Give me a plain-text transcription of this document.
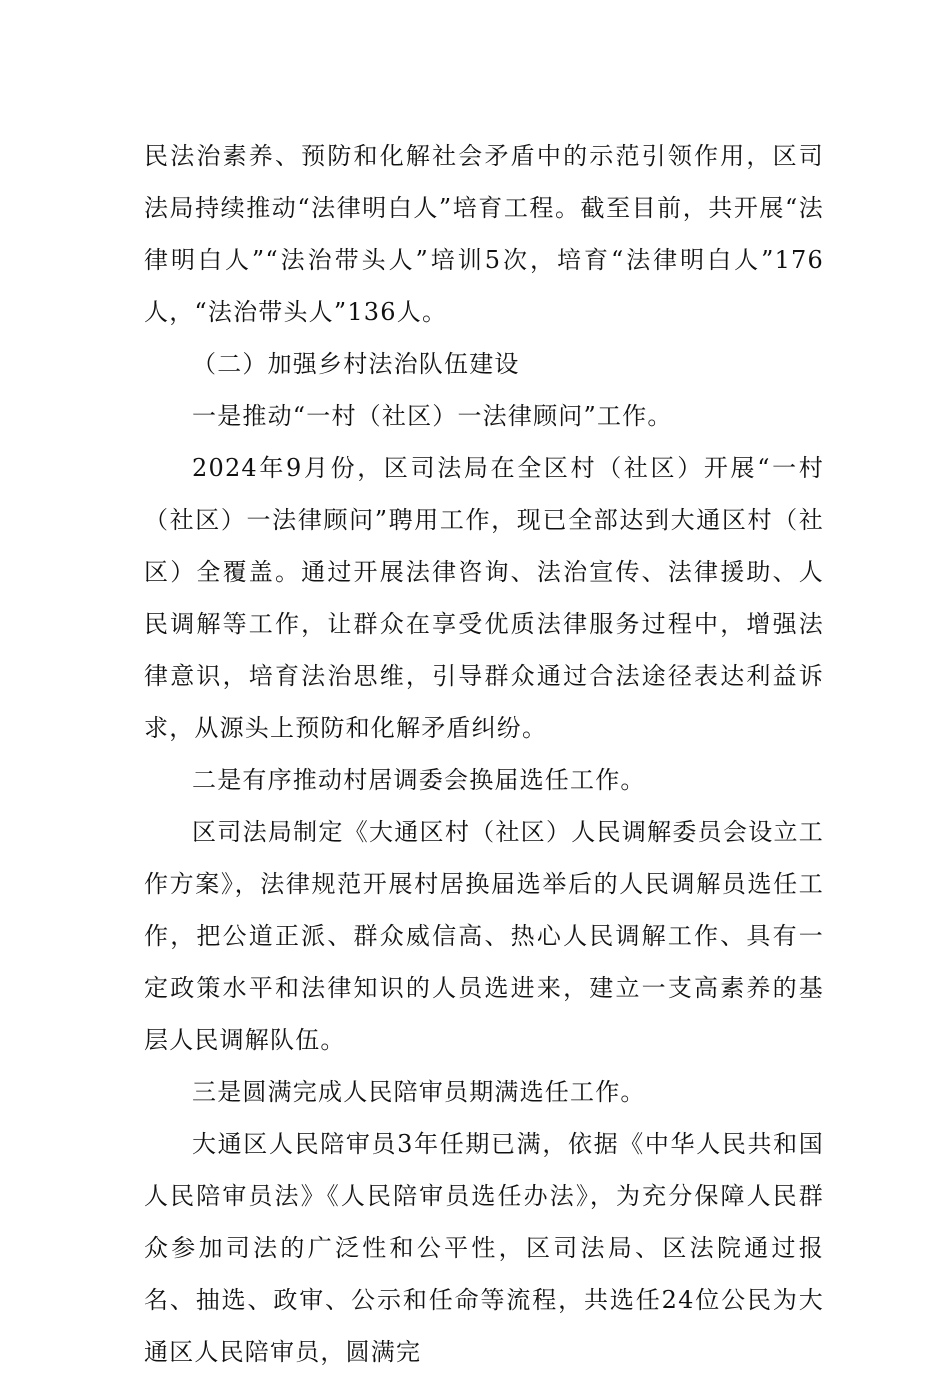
民法治素养、预防和化解社会矛盾中的示范引领作用，区司法局持续推动“法律明白人”培育工程。截至目前，共开展“法律明白人”“法治带头人”培训5次，培育“法律明白人”176人，“法治带头人”136人。

（二）加强乡村法治队伍建设

一是推动“一村（社区）一法律顾问”工作。

2024年9月份，区司法局在全区村（社区）开展“一村（社区）一法律顾问”聘用工作，现已全部达到大通区村（社区）全覆盖。通过开展法律咨询、法治宣传、法律援助、人民调解等工作，让群众在享受优质法律服务过程中，增强法律意识，培育法治思维，引导群众通过合法途径表达利益诉求，从源头上预防和化解矛盾纠纷。

二是有序推动村居调委会换届选任工作。

区司法局制定《大通区村（社区）人民调解委员会设立工作方案》，法律规范开展村居换届选举后的人民调解员选任工作，把公道正派、群众威信高、热心人民调解工作、具有一定政策水平和法律知识的人员选进来，建立一支高素养的基层人民调解队伍。

三是圆满完成人民陪审员期满选任工作。

大通区人民陪审员3年任期已满，依据《中华人民共和国人民陪审员法》《人民陪审员选任办法》，为充分保障人民群众参加司法的广泛性和公平性，区司法局、区法院通过报名、抽选、政审、公示和任命等流程，共选任24位公民为大通区人民陪审员，圆满完
